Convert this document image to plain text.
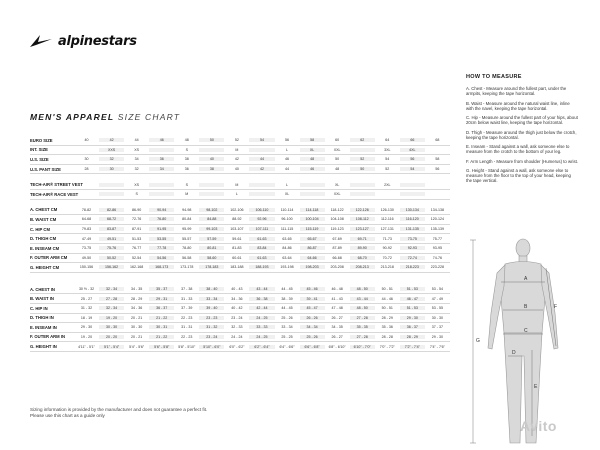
alpinestars
MEN'S APPAREL SIZE CHART
EURO SIZE	40	42	44	46	48	50	52	54	56	58	60	62	64	66	68
INT. SIZE	XXS	XS	S	M	L	XL	XXL	3XL	4XL
U.S. SIZE	30	32	34	36	38	40	42	44	46	48	50	52	54	56	58
U.S. PANT SIZE	28	30	32	34	36	38	40	42	44	46	48	50	52	54	56
TECH-AIR® STREET VEST	XS	S	M	L	XL	2XL
TECH-AIR® RACE VEST	S	M	L	XL	XXL
A. CHEST CM	78-82	82-86	86-90	90-94	94-98	98-102	102-106	106-110	110-114	114-118	118-122	122-126	126-130	130-134	134-138
B. WAIST CM	64-68	68-72	72-76	76-80	80-84	84-88	88-92	92-96	96-100	100-104	104-108	108-112	112-116	116-120	120-124
C. HIP CM	79-83	83-87	87-91	91-95	95-99	99-103	103-107	107-111	111-115	115-119	119-123	123-127	127-131	131-135	135-139
D. THIGH CM	47-49	49-51	51-53	53-55	55-57	57-59	59-61	61-63	63-65	65-67	67-69	69-71	71-73	73-75	75-77
E. INSEAM CM	73-75	75-76	76-77	77-78	78-80	80-81	81-83	83-84	84-86	86-87	87-89	89-90	90-92	92-93	93-95
F. OUTER ARM CM	49-50	50-52	52-54	54-56	56-58	58-60	60-61	61-63	63-64	64-66	66-68	68-70	70-72	72-74	74-76
G. HEIGHT CM	150-156	156-162	162-168	168-173	173-178	178-183	183-188	188-193	193-198	198-203	203-208	208-213	213-218	218-223	223-228
A. CHEST IN	30 ½ - 32	32 - 34	34 - 35	35 - 37	37 - 38	38 - 40	40 - 43	43 - 44	44 - 45	45 - 46	46 - 48	48 - 50	50 - 51	51 - 53	53 - 54
B. WAIST IN	25 - 27	27 - 28	28 - 29	29 - 31	31 - 33	33 - 34	34 - 36	36 - 38	38 - 39	39 - 41	41 - 43	43 - 44	44 - 46	46 - 47	47 - 49
C. HIP IN	31 - 32	32 - 34	34 - 36	36 - 37	37 - 39	39 - 40	40 - 42	42 - 44	44 - 45	45 - 47	47 - 48	48 - 50	50 - 51	51 - 53	53 - 55
D. THIGH IN	18 - 19	19 - 20	20 - 21	21 - 22	22 - 23	23 - 23	23 - 24	24 - 25	25 - 26	26 - 26	26 - 27	27 - 28	28 - 29	29 - 30	30 - 30
E. INSEAM IN	29 - 30	30 - 30	30 - 30	30 - 31	31 - 31	31 - 32	32 - 33	33 - 33	33 - 34	34 - 34	34 - 35	35 - 35	35 - 36	36 - 37	37 - 37
F. OUTER ARM IN	19 - 20	20 - 20	20 - 21	21 - 22	22 - 23	23 - 24	24 - 24	24 - 25	25 - 25	25 - 26	26 - 27	27 - 28	28 - 28	28 - 29	29 - 30
G. HEIGHT IN	4'11" - 5'1"	5'1" - 5'4"	5'4" - 5'6"	5'6" - 5'8"	5'8" - 5'10"	5'10" - 6'0"	6'0" - 6'2"	6'2" - 6'4"	6'4" - 6'6"	6'6" - 6'8"	6'8" - 6'10"	6'10" - 7'0"	7'0" - 7'2"	7'2" - 7'4"	7'4" - 7'6"
HOW TO MEASURE

A. Chest - Measure around the fullest part, under the armpits, keeping the tape horizontal.

B. Waist - Measure around the natural waist line, inline with the navel, keeping the tape horizontal.

C. Hip - Measure around the fullest part of your hips, about 20cm below waist line, keeping the tape horizontal.

D. Thigh - Measure around the thigh just below the crotch, keeping the tape horizontal.

E. Inseam - Stand against a wall, ask someone else to measure from the crotch to the bottom of your leg.

F. Arm Length - Measure from shoulder (Humerus) to wrist.

G. Height - Stand against a wall, ask someone else to measure from the floor to the top of your head, keeping the tape vertical.

A
B
C
D
E
F
G
Sizing information is provided by the manufacturer and does not guarantee a perfect fit.
Please use this chart as a guide only
Avito
